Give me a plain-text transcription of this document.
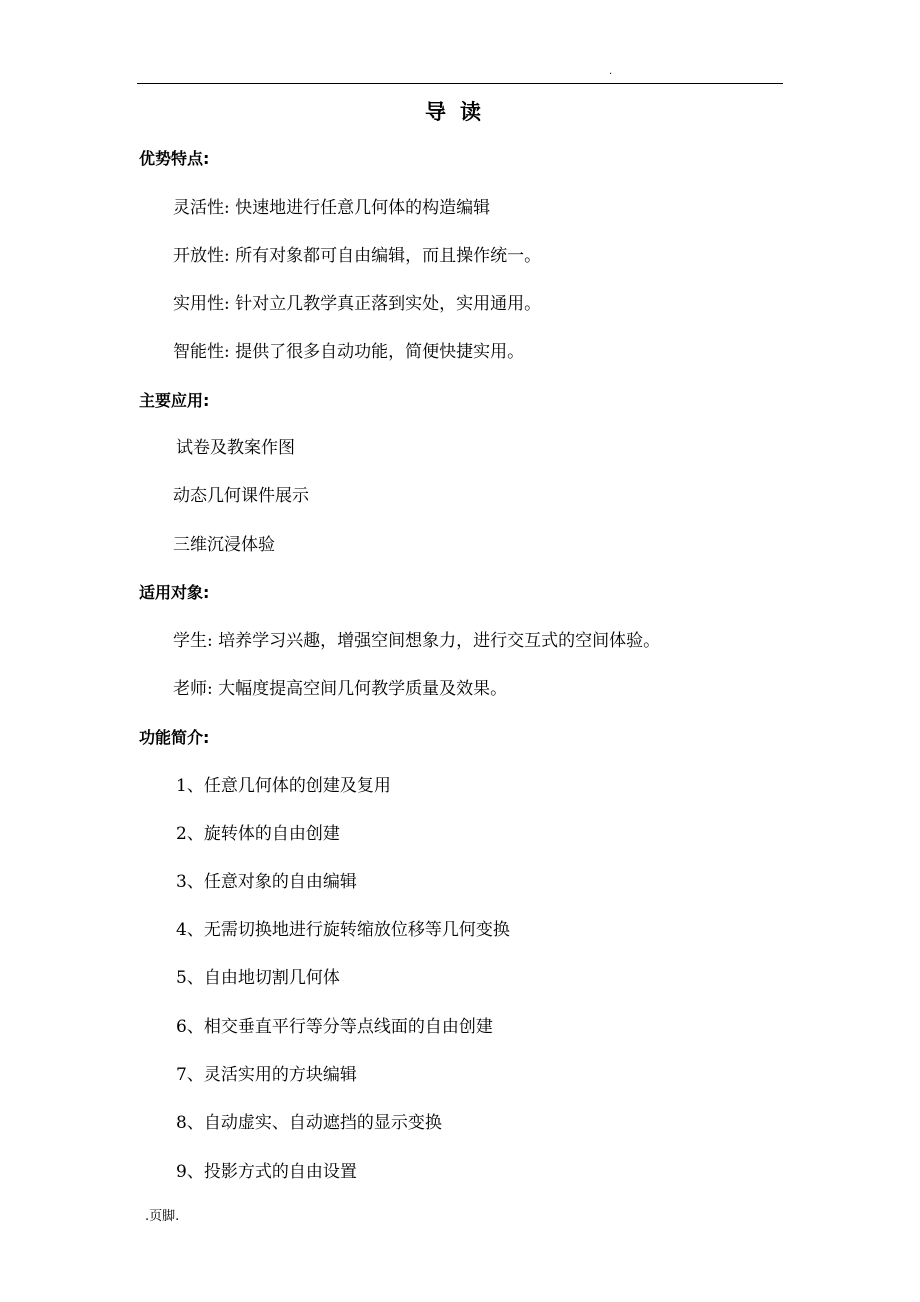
.
导读
优势特点:
灵活性: 快速地进行任意几何体的构造编辑
开放性: 所有对象都可自由编辑，而且操作统一。
实用性: 针对立几教学真正落到实处，实用通用。
智能性: 提供了很多自动功能，简便快捷实用。
主要应用:
试卷及教案作图
动态几何课件展示
三维沉浸体验
适用对象:
学生: 培养学习兴趣，增强空间想象力，进行交互式的空间体验。
老师: 大幅度提高空间几何教学质量及效果。
功能简介:
1、任意几何体的创建及复用
2、旋转体的自由创建
3、任意对象的自由编辑
4、无需切换地进行旋转缩放位移等几何变换
5、自由地切割几何体
6、相交垂直平行等分等点线面的自由创建
7、灵活实用的方块编辑
8、自动虚实、自动遮挡的显示变换
9、投影方式的自由设置
.页脚.
